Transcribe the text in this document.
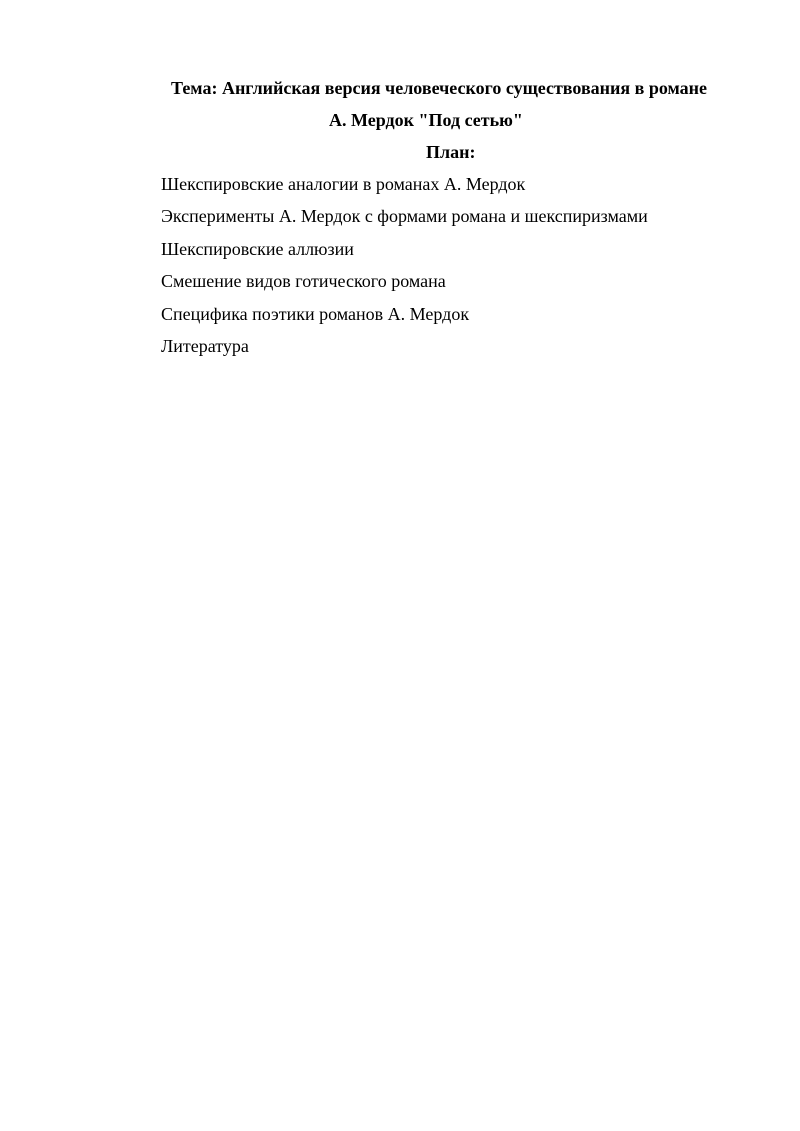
Тема: Английская версия человеческого существования в романе
А. Мердок "Под сетью"
План:
Шекспировские аналогии в романах А. Мердок
Эксперименты А. Мердок с формами романа и шекспиризмами
Шекспировские аллюзии
Смешение видов готического романа
Специфика поэтики романов А. Мердок
Литература
